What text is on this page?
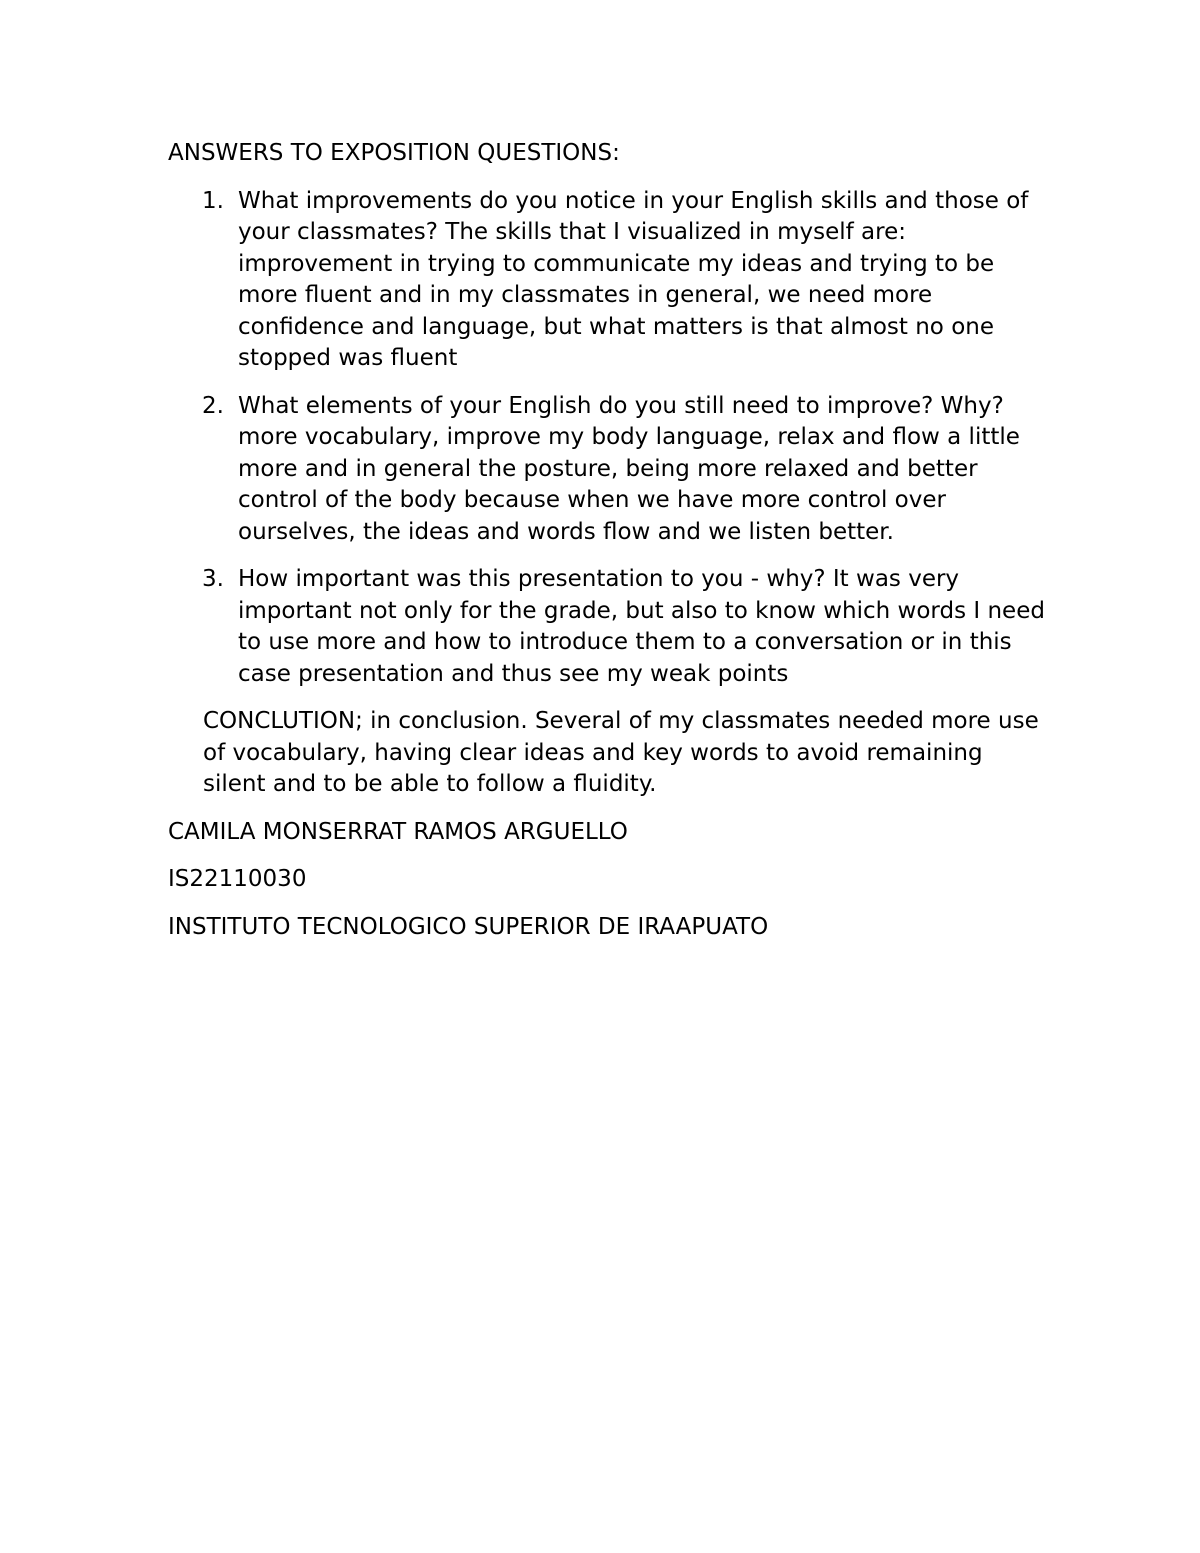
ANSWERS TO EXPOSITION QUESTIONS:

1. What improvements do you notice in your English skills and those of your classmates? The skills that I visualized in myself are: improvement in trying to communicate my ideas and trying to be more fluent and in my classmates in general, we need more confidence and language, but what matters is that almost no one stopped was fluent
2. What elements of your English do you still need to improve? Why? more vocabulary, improve my body language, relax and flow a little more and in general the posture, being more relaxed and better control of the body because when we have more control over ourselves, the ideas and words flow and we listen better.
3. How important was this presentation to you - why? It was very important not only for the grade, but also to know which words I need to use more and how to introduce them to a conversation or in this case presentation and thus see my weak points

CONCLUTION; in conclusion. Several of my classmates needed more use of vocabulary, having clear ideas and key words to avoid remaining silent and to be able to follow a fluidity.

CAMILA MONSERRAT RAMOS ARGUELLO

IS22110030

INSTITUTO TECNOLOGICO SUPERIOR DE IRAAPUATO
